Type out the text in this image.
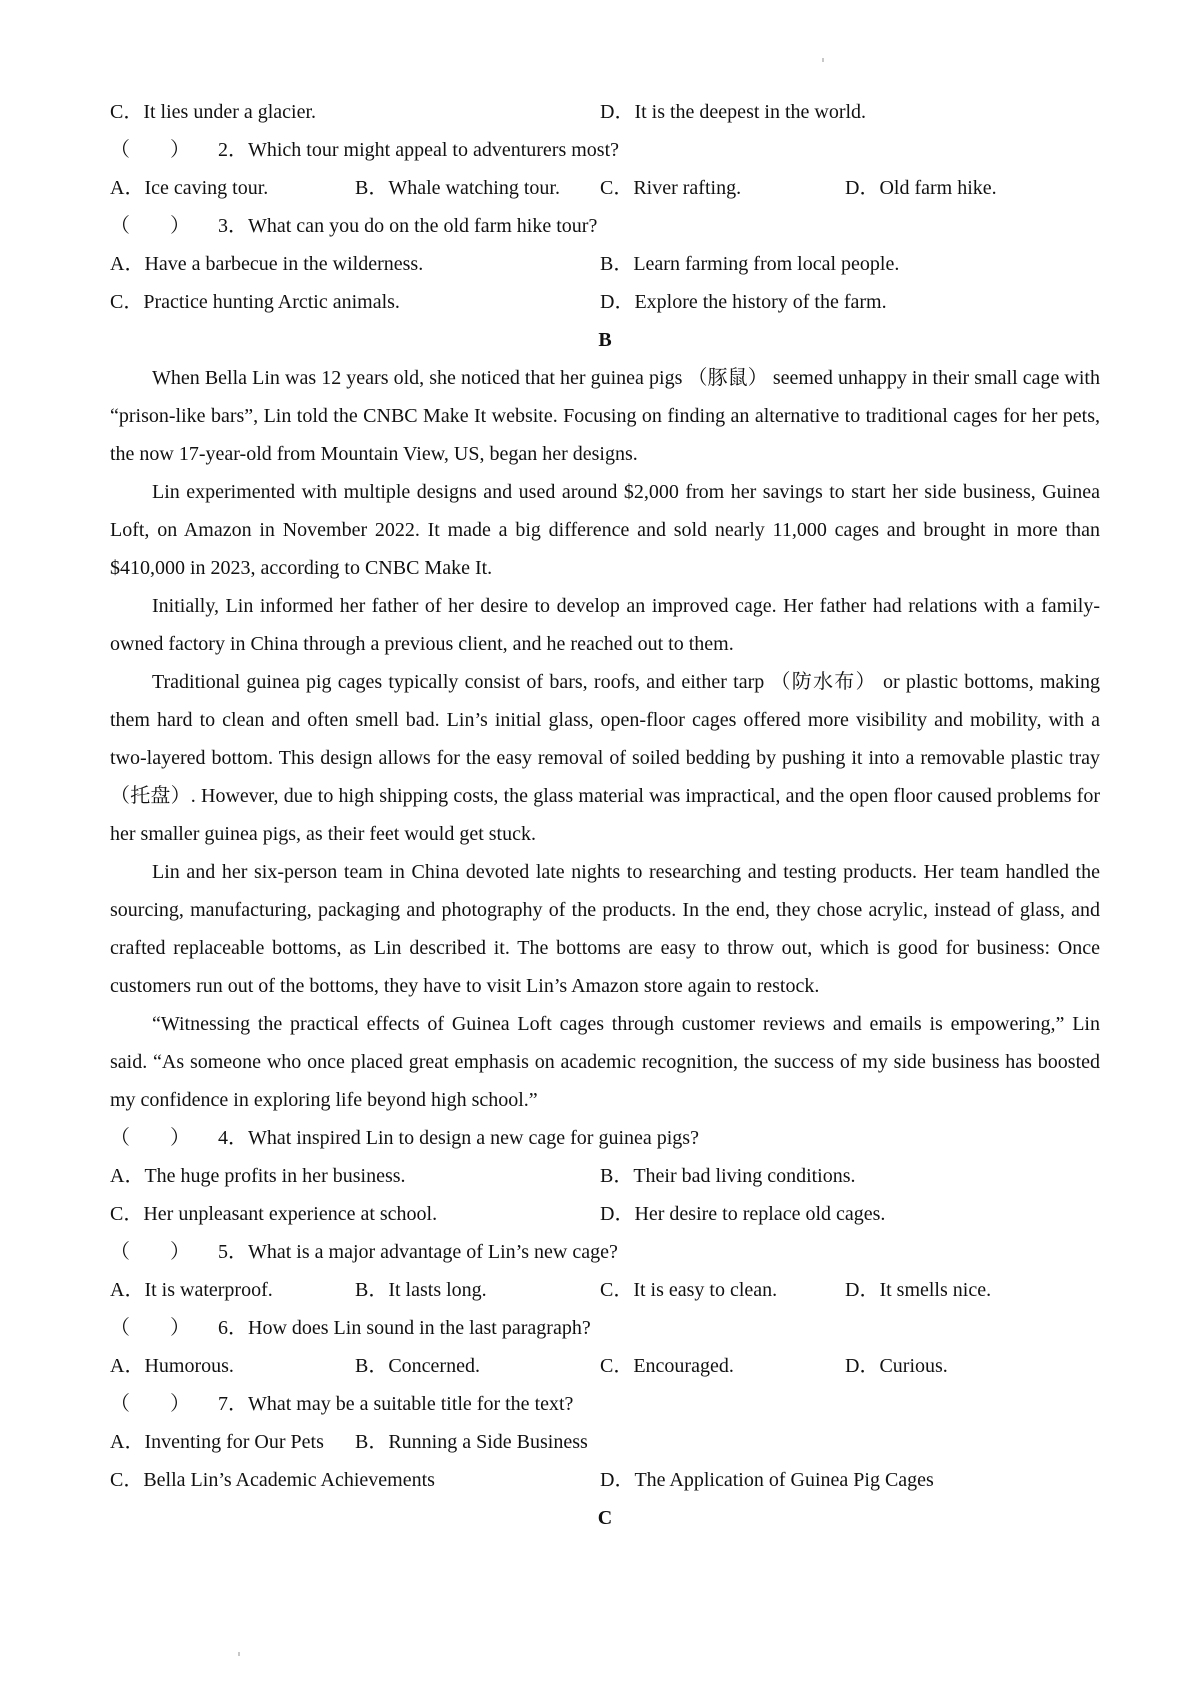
C．It lies under a glacier.	D．It is the deepest in the world.
（　　） 2．Which tour might appeal to adventurers most?
A．Ice caving tour.	B．Whale watching tour.	C．River rafting.	D．Old farm hike.
（　　） 3．What can you do on the old farm hike tour?
A．Have a barbecue in the wilderness.	B．Learn farming from local people.
C．Practice hunting Arctic animals.	D．Explore the history of the farm.
B

When Bella Lin was 12 years old, she noticed that her guinea pigs （豚鼠） seemed unhappy in their small cage with “prison-like bars”, Lin told the CNBC Make It website. Focusing on finding an alternative to traditional cages for her pets, the now 17-year-old from Mountain View, US, began her designs.

Lin experimented with multiple designs and used around $2,000 from her savings to start her side business, Guinea Loft, on Amazon in November 2022. It made a big difference and sold nearly 11,000 cages and brought in more than $410,000 in 2023, according to CNBC Make It.

Initially, Lin informed her father of her desire to develop an improved cage. Her father had relations with a family-owned factory in China through a previous client, and he reached out to them.

Traditional guinea pig cages typically consist of bars, roofs, and either tarp （防水布） or plastic bottoms, making them hard to clean and often smell bad. Lin’s initial glass, open-floor cages offered more visibility and mobility, with a two-layered bottom. This design allows for the easy removal of soiled bedding by pushing it into a removable plastic tray （托盘）. However, due to high shipping costs, the glass material was impractical, and the open floor caused problems for her smaller guinea pigs, as their feet would get stuck.

Lin and her six-person team in China devoted late nights to researching and testing products. Her team handled the sourcing, manufacturing, packaging and photography of the products. In the end, they chose acrylic, instead of glass, and crafted replaceable bottoms, as Lin described it. The bottoms are easy to throw out, which is good for business: Once customers run out of the bottoms, they have to visit Lin’s Amazon store again to restock.

“Witnessing the practical effects of Guinea Loft cages through customer reviews and emails is empowering,” Lin said. “As someone who once placed great emphasis on academic recognition, the success of my side business has boosted my confidence in exploring life beyond high school.”

（　　） 4．What inspired Lin to design a new cage for guinea pigs?
A．The huge profits in her business.	B．Their bad living conditions.
C．Her unpleasant experience at school.	D．Her desire to replace old cages.
（　　） 5．What is a major advantage of Lin’s new cage?
A．It is waterproof.	B．It lasts long.	C．It is easy to clean.	D．It smells nice.
（　　） 6．How does Lin sound in the last paragraph?
A．Humorous.	B．Concerned.	C．Encouraged.	D．Curious.
（　　） 7．What may be a suitable title for the text?
A．Inventing for Our Pets	B．Running a Side Business
C．Bella Lin’s Academic Achievements	D．The Application of Guinea Pig Cages
C
